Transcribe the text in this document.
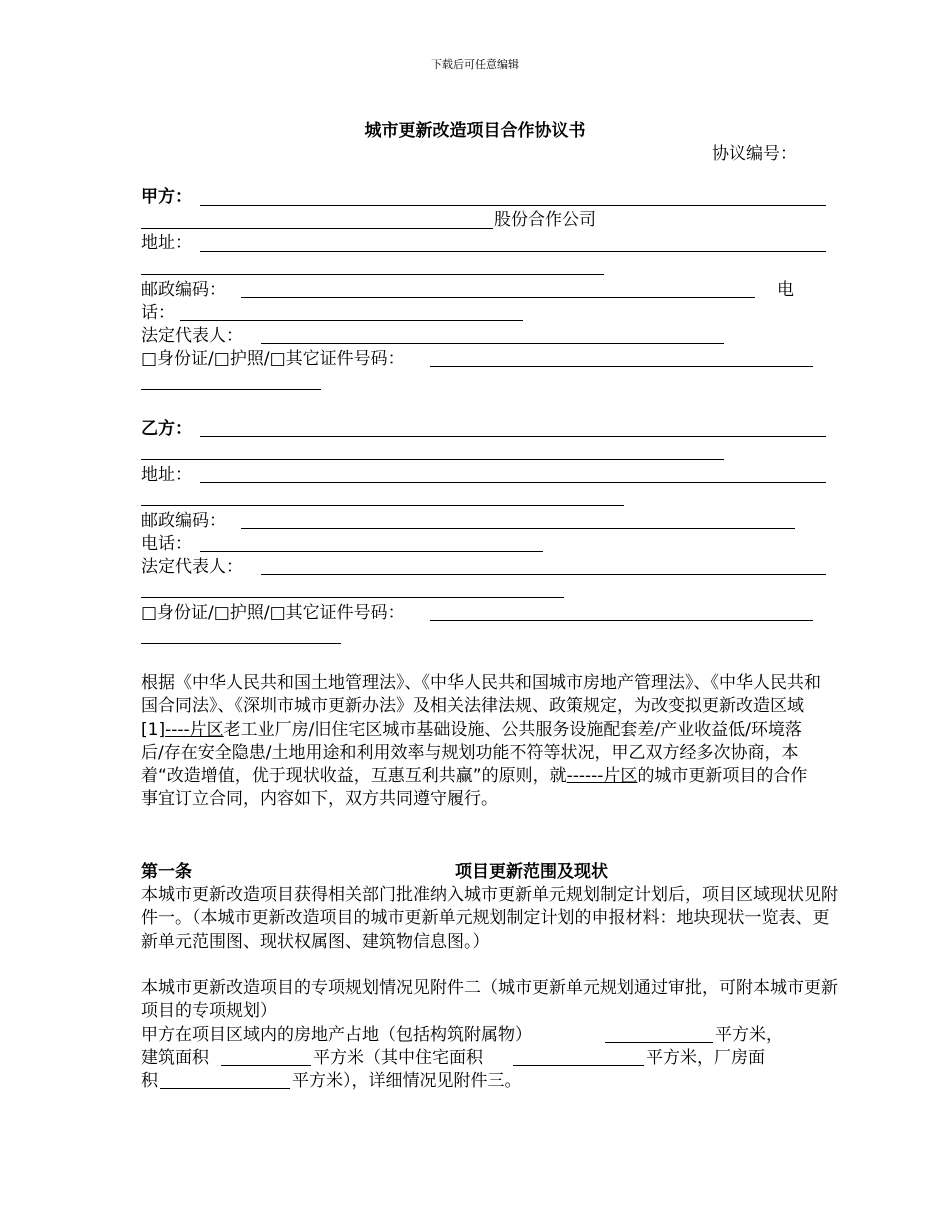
下载后可任意编辑
城市更新改造项目合作协议书
协议编号：
甲方：
股份合作公司
地址：
邮政编码：	电
话：
法定代表人：
□身份证/□护照/□其它证件号码：
乙方：
地址：
邮政编码：
电话：
法定代表人：
□身份证/□护照/□其它证件号码：
根据《中华人民共和国土地管理法》、《中华人民共和国城市房地产管理法》、《中华人民共和国合同法》、《深圳市城市更新办法》及相关法律法规、政策规定，为改变拟更新改造区域[1]----片区老工业厂房/旧住宅区城市基础设施、公共服务设施配套差/产业收益低/环境落后/存在安全隐患/土地用途和利用效率与规划功能不符等状况，甲乙双方经多次协商，本着“改造增值，优于现状收益，互惠互利共赢”的原则，就------片区的城市更新项目的合作事宜订立合同，内容如下，双方共同遵守履行。
第一条	项目更新范围及现状
本城市更新改造项目获得相关部门批准纳入城市更新单元规划制定计划后，项目区域现状见附件一。（本城市更新改造项目的城市更新单元规划制定计划的申报材料：地块现状一览表、更新单元范围图、现状权属图、建筑物信息图。）
本城市更新改造项目的专项规划情况见附件二（城市更新单元规划通过审批，可附本城市更新项目的专项规划）
甲方在项目区域内的房地产占地（包括构筑附属物）	平方米，
建筑面积	平方米（其中住宅面积	平方米，厂房面
积	平方米），详细情况见附件三。
